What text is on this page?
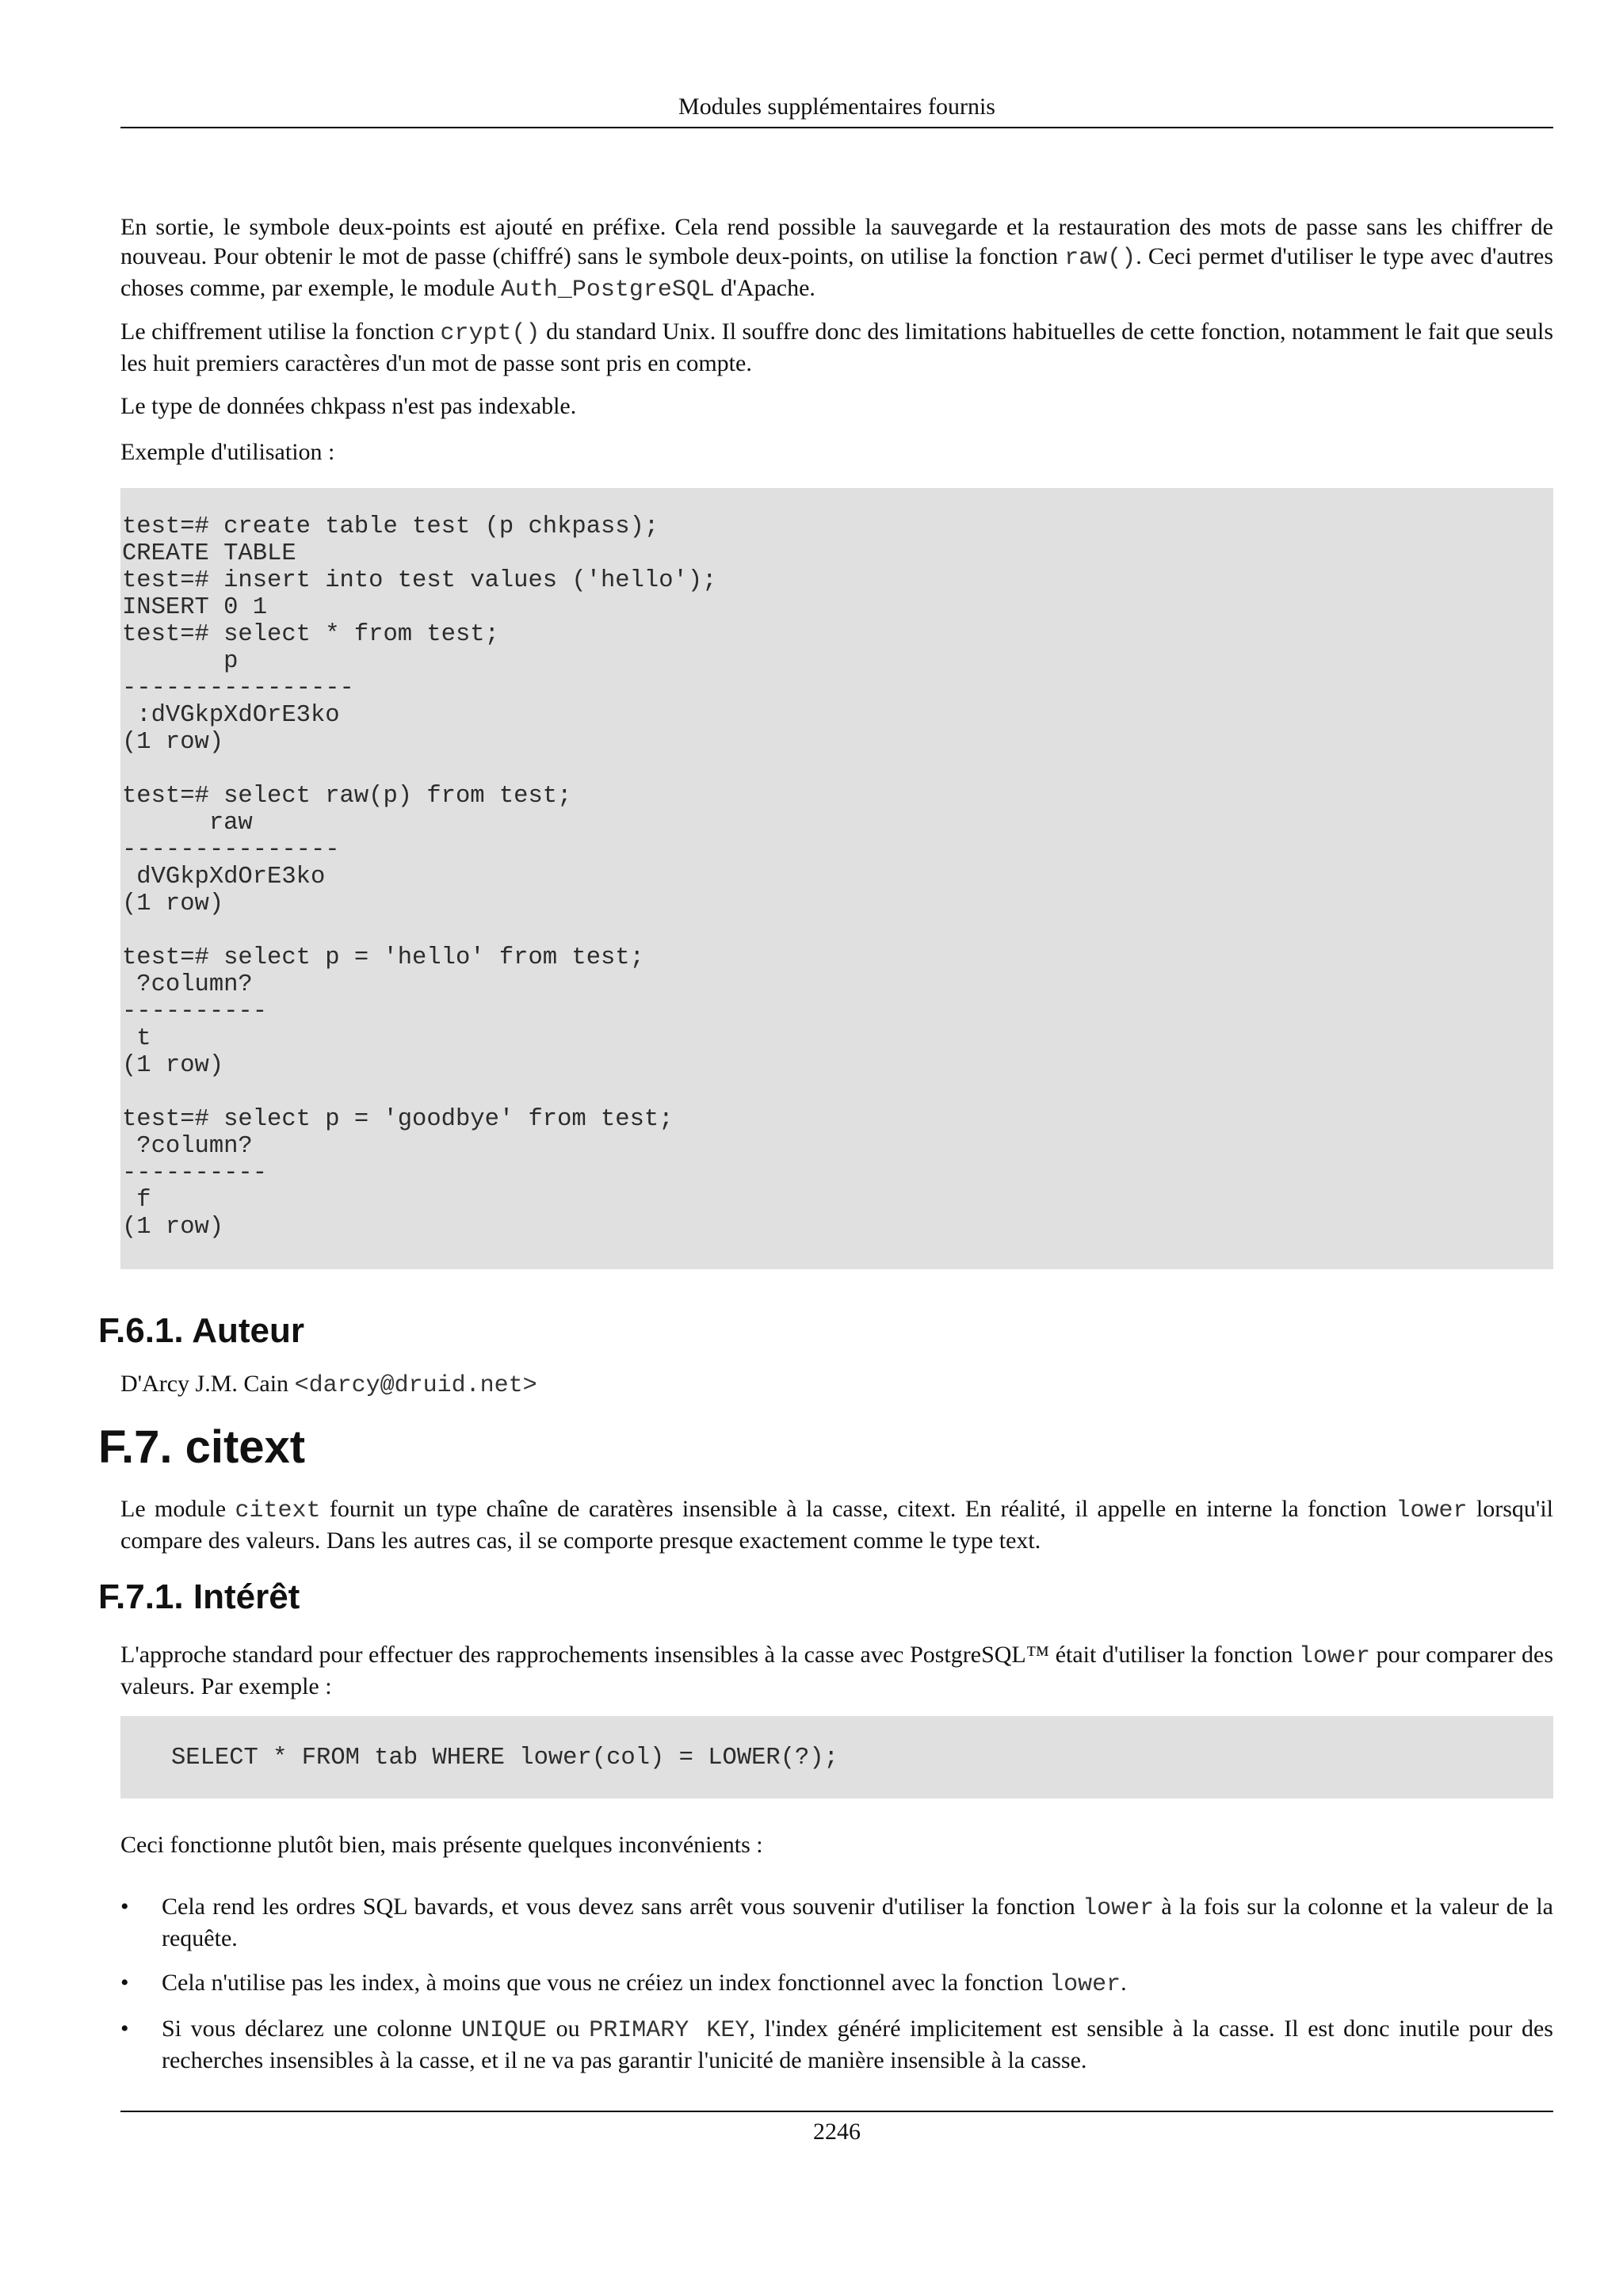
Modules supplémentaires fournis

En sortie, le symbole deux-points est ajouté en préfixe. Cela rend possible la sauvegarde et la restauration des mots de passe sans les chiffrer de nouveau. Pour obtenir le mot de passe (chiffré) sans le symbole deux-points, on utilise la fonction raw(). Ceci permet d'utiliser le type avec d'autres choses comme, par exemple, le module Auth_PostgreSQL d'Apache.

Le chiffrement utilise la fonction crypt() du standard Unix. Il souffre donc des limitations habituelles de cette fonction, notamment le fait que seuls les huit premiers caractères d'un mot de passe sont pris en compte.

Le type de données chkpass n'est pas indexable.

Exemple d'utilisation :

test=# create table test (p chkpass);
CREATE TABLE
test=# insert into test values ('hello');
INSERT 0 1
test=# select * from test;
p
----------------
:dVGkpXdOrE3ko
(1 row)

test=# select raw(p) from test;
raw
---------------
dVGkpXdOrE3ko
(1 row)

test=# select p = 'hello' from test;
?column?
----------
t
(1 row)

test=# select p = 'goodbye' from test;
?column?
----------
f
(1 row)
F.6.1. Auteur

D'Arcy J.M. Cain <darcy@druid.net>

F.7. citext

Le module citext fournit un type chaîne de caratères insensible à la casse, citext. En réalité, il appelle en interne la fonction lower lorsqu'il compare des valeurs. Dans les autres cas, il se comporte presque exactement comme le type text.

F.7.1. Intérêt

L'approche standard pour effectuer des rapprochements insensibles à la casse avec PostgreSQL™ était d'utiliser la fonction lower pour comparer des valeurs. Par exemple :

SELECT * FROM tab WHERE lower(col) = LOWER(?);

Ceci fonctionne plutôt bien, mais présente quelques inconvénients :

• Cela rend les ordres SQL bavards, et vous devez sans arrêt vous souvenir d'utiliser la fonction lower à la fois sur la colonne et la valeur de la requête.
• Cela n'utilise pas les index, à moins que vous ne créiez un index fonctionnel avec la fonction lower.
• Si vous déclarez une colonne UNIQUE ou PRIMARY KEY, l'index généré implicitement est sensible à la casse. Il est donc inutile pour des recherches insensibles à la casse, et il ne va pas garantir l'unicité de manière insensible à la casse.
2246
